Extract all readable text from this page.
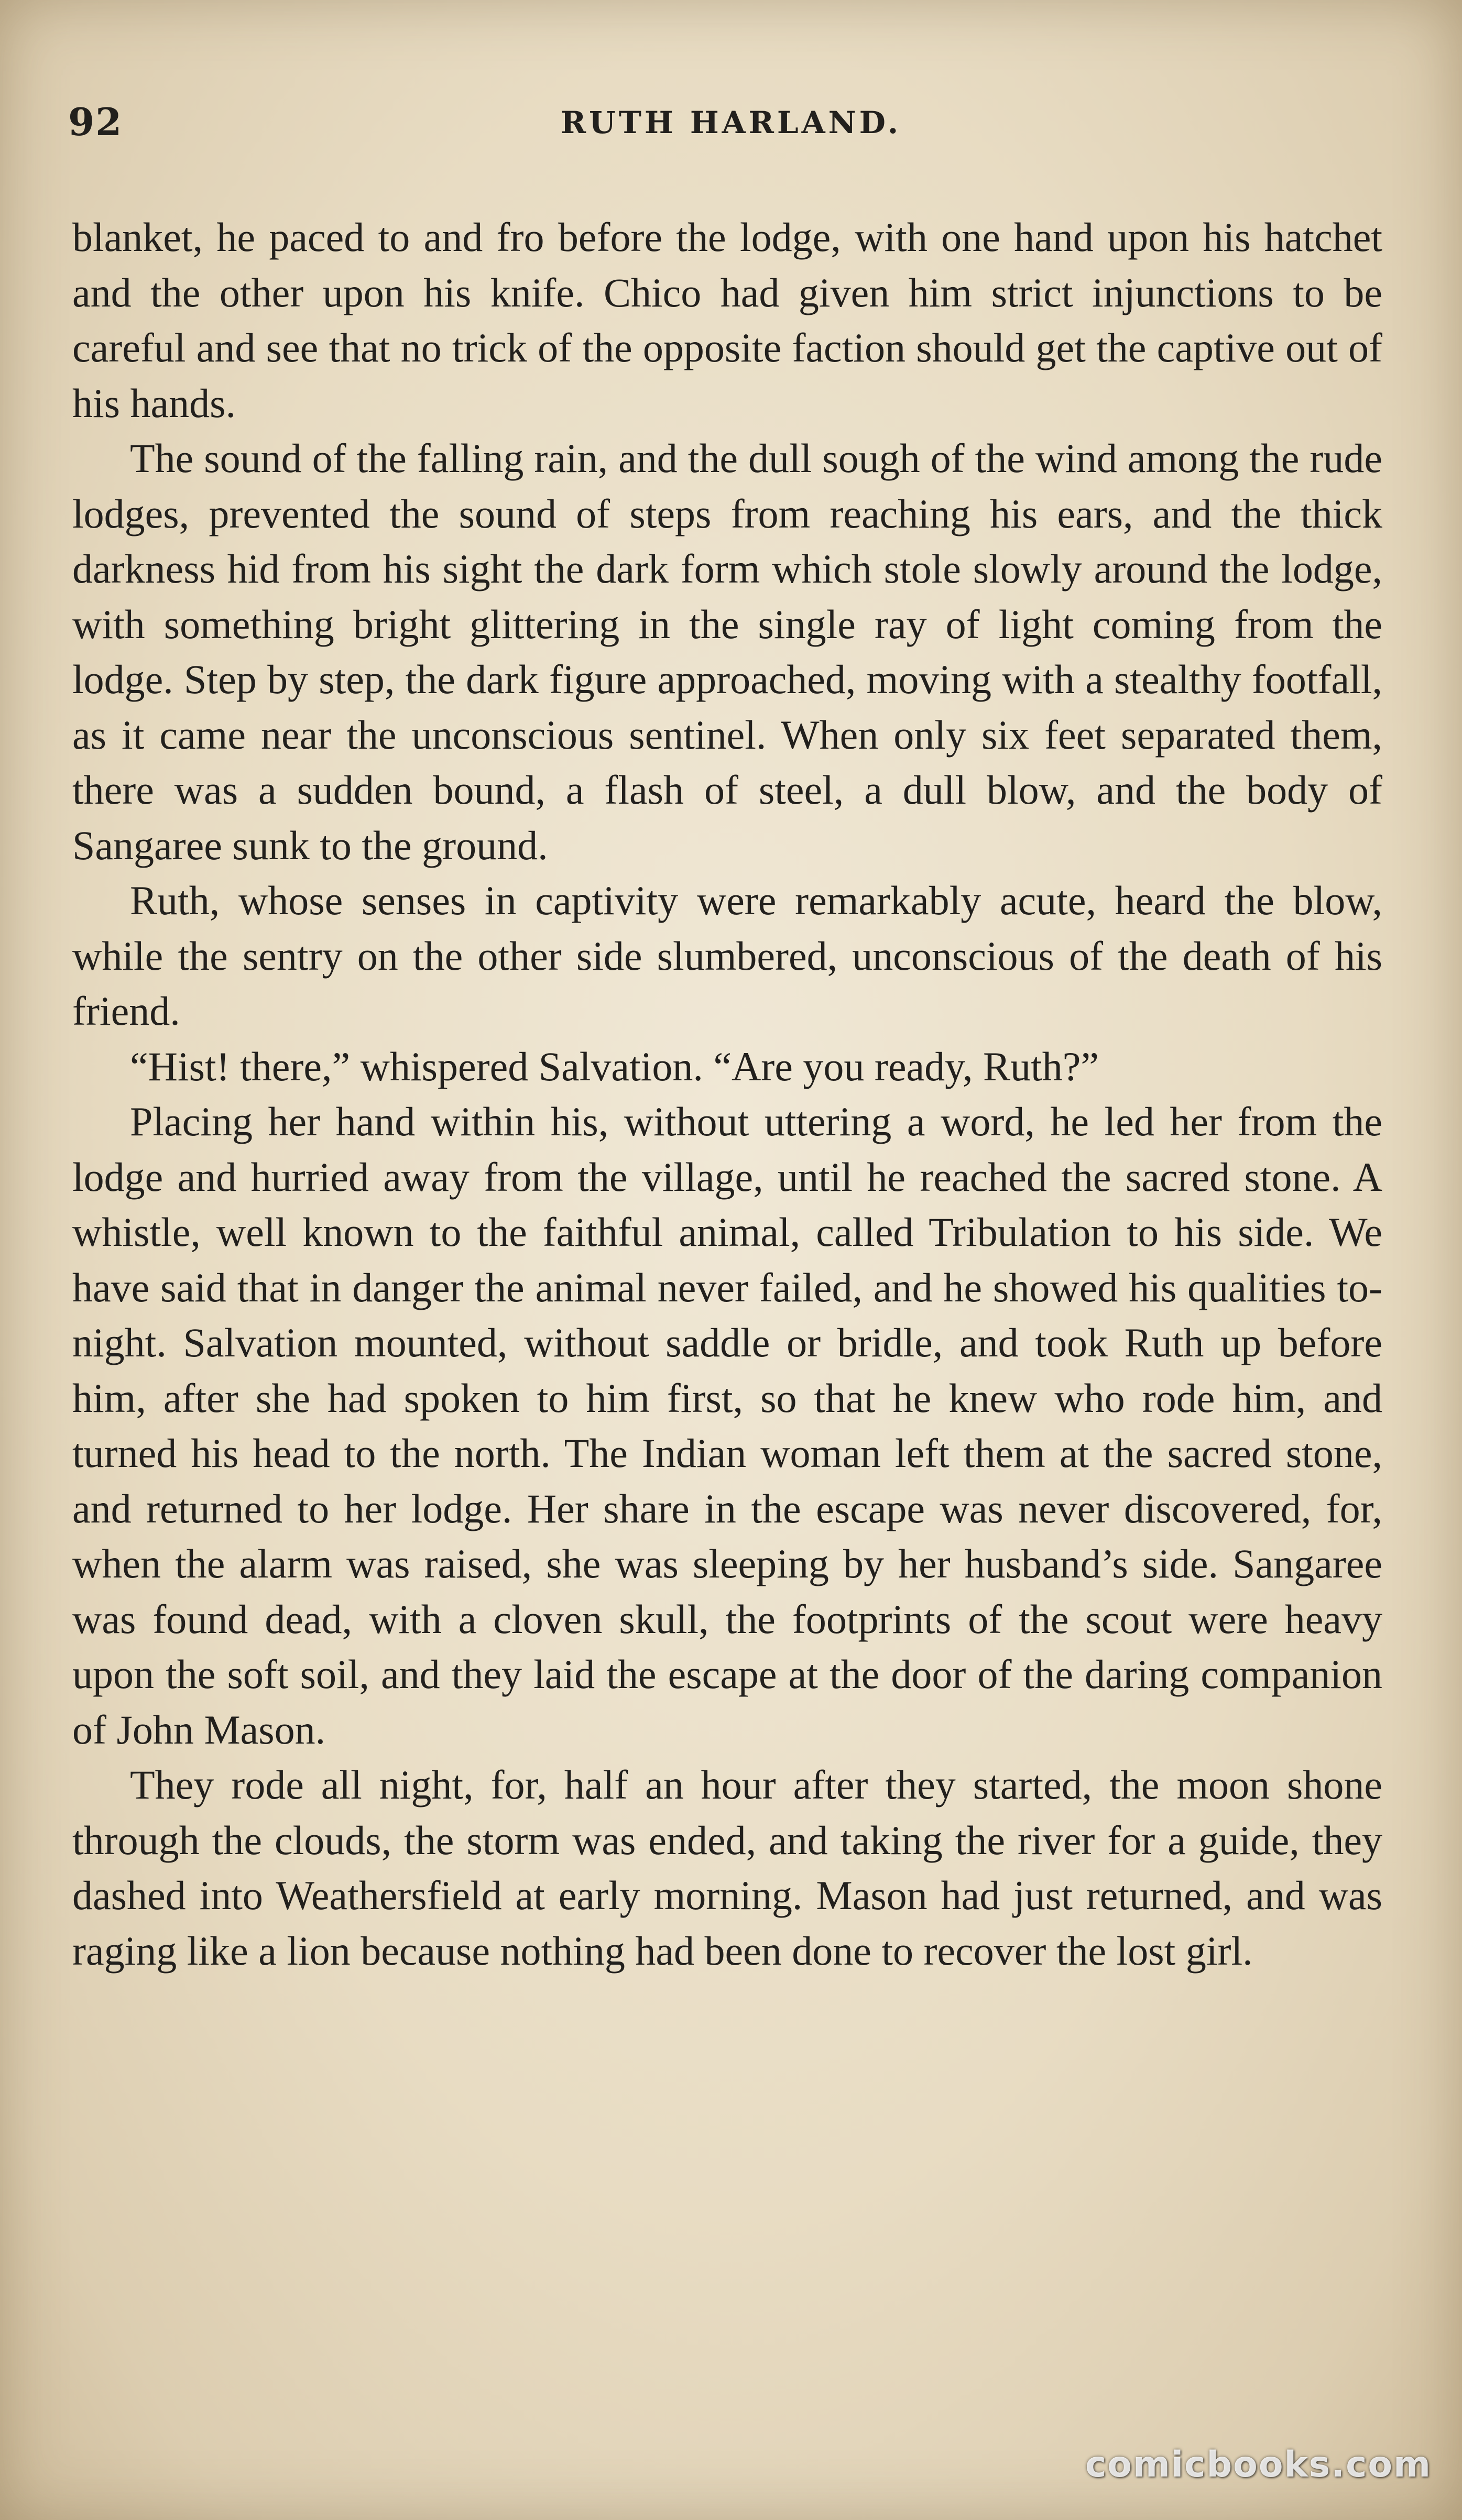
92	RUTH HARLAND.

blanket, he paced to and fro before the lodge, with one hand upon his hatchet and the other upon his knife. Chico had given him strict injunctions to be careful and see that no trick of the opposite faction should get the captive out of his hands.

The sound of the falling rain, and the dull sough of the wind among the rude lodges, prevented the sound of steps from reaching his ears, and the thick darkness hid from his sight the dark form which stole slowly around the lodge, with something bright glittering in the single ray of light coming from the lodge. Step by step, the dark figure approached, moving with a stealthy footfall, as it came near the unconscious sentinel. When only six feet separated them, there was a sudden bound, a flash of steel, a dull blow, and the body of Sangaree sunk to the ground.

Ruth, whose senses in captivity were remarkably acute, heard the blow, while the sentry on the other side slumbered, unconscious of the death of his friend.

“Hist! there,” whispered Salvation. “Are you ready, Ruth?”

Placing her hand within his, without uttering a word, he led her from the lodge and hurried away from the village, until he reached the sacred stone. A whistle, well known to the faithful animal, called Tribulation to his side. We have said that in danger the animal never failed, and he showed his qualities to-night. Salvation mounted, without saddle or bridle, and took Ruth up before him, after she had spoken to him first, so that he knew who rode him, and turned his head to the north. The Indian woman left them at the sacred stone, and returned to her lodge. Her share in the escape was never discovered, for, when the alarm was raised, she was sleeping by her husband’s side. Sangaree was found dead, with a cloven skull, the footprints of the scout were heavy upon the soft soil, and they laid the escape at the door of the daring companion of John Mason.

They rode all night, for, half an hour after they started, the moon shone through the clouds, the storm was ended, and taking the river for a guide, they dashed into Weathersfield at early morning. Mason had just returned, and was raging like a lion because nothing had been done to recover the lost girl.

comicbooks.com
